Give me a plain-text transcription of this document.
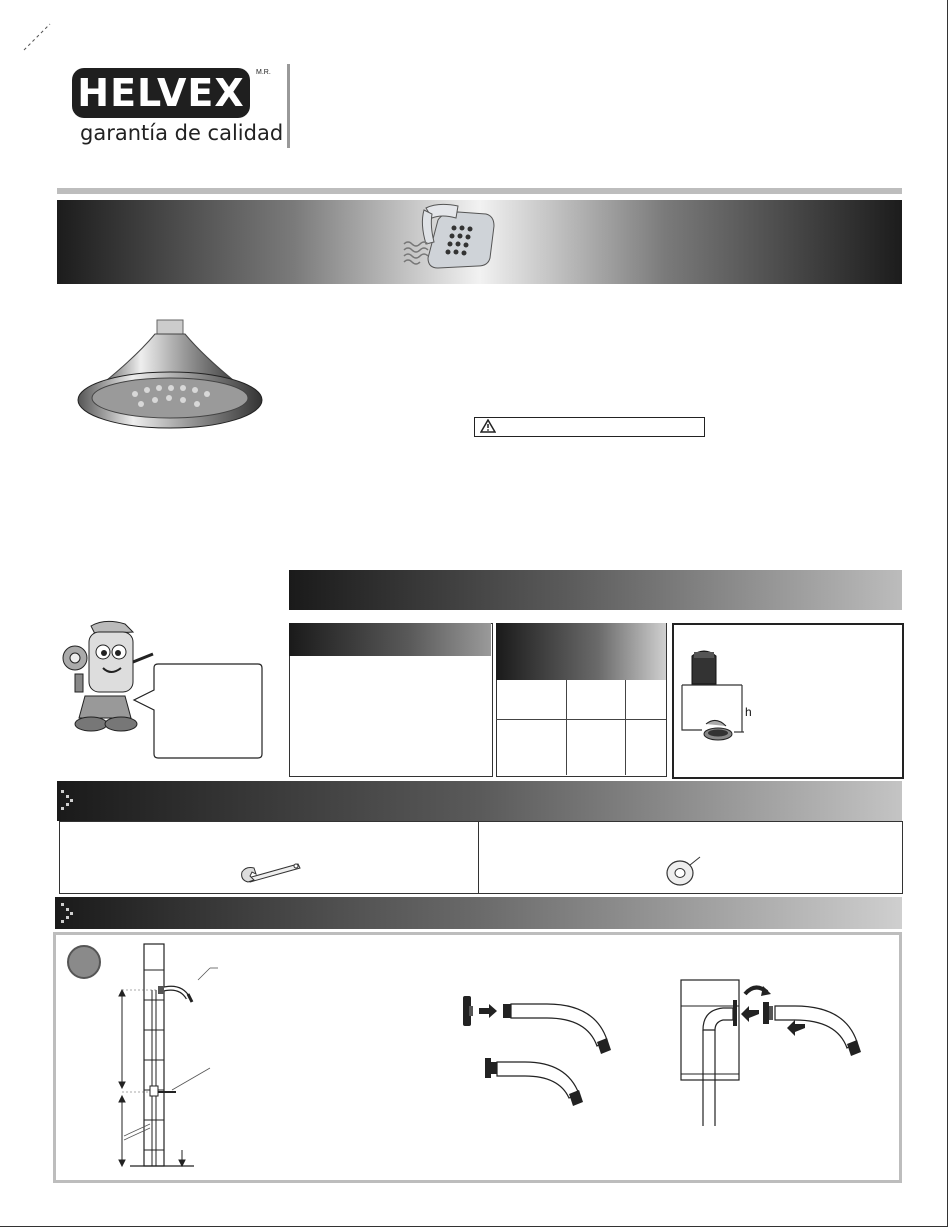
HELVEX	M.R.
garantía de calidad
h
